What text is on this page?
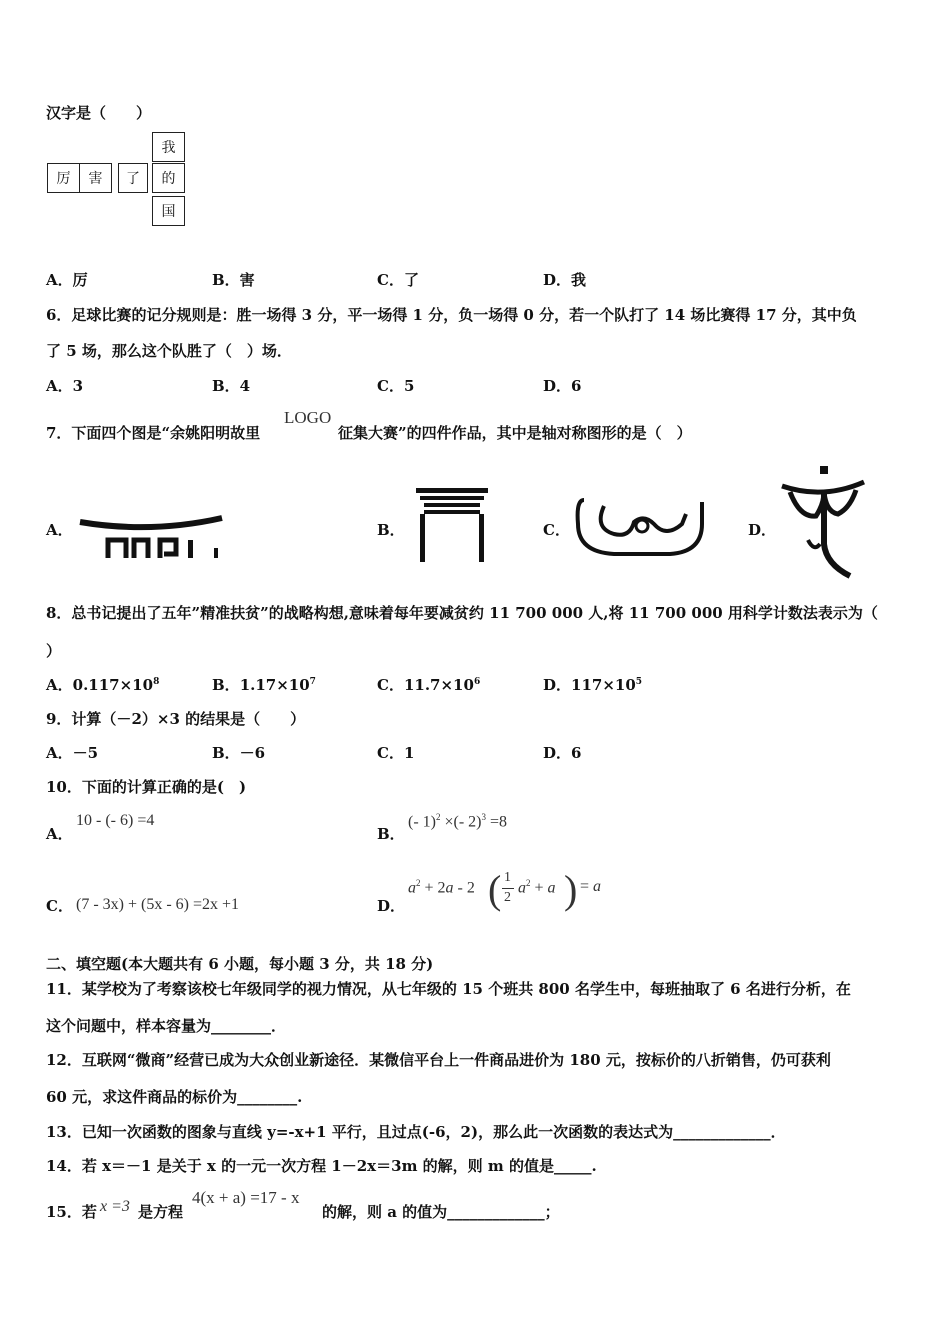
汉字是（　　）
厉	害	了
我
的
国
A．厉	B．害	C．了	D．我
6．足球比赛的记分规则是：胜一场得 3 分，平一场得 1 分，负一场得 0 分，若一个队打了 14 场比赛得 17 分，其中负
了 5 场，那么这个队胜了（　）场．
A．3	B．4	C．5	D．6
7．下面四个图是“余姚阳明故里
LOGO
征集大赛”的四件作品，其中是轴对称图形的是（　）
A．	B．	C．	D．
8．总书记提出了五年”精准扶贫”的战略构想,意味着每年要减贫约 11 700 000 人,将 11 700 000 用科学计数法表示为（
）
A．$0.117\times 10^8$	B．$1.17\times 10^7$	C．$11.7\times 10^6$	D．$117\times 10^5$
9．计算（－2）×3 的结果是（　　）
A．－5	B．－6	C．1	D．6
10．下面的计算正确的是(　)
A．
10 - (- 6) =4
B．
(- 1)$^2$ ×(- 2)$^3$ =8
C． (7 - 3x) + (5x - 6) =2x +1	D．
$a^2 + 2a - 2$ ( 1
2
$a^2 + a$ ) = a
二、填空题(本大题共有 6 小题，每小题 3 分，共 18 分)
11．某学校为了考察该校七年级同学的视力情况，从七年级的 15 个班共 800 名学生中，每班抽取了 6 名进行分析，在
这个问题中，样本容量为________．
12．互联网“微商”经营已成为大众创业新途径．某微信平台上一件商品进价为 180 元，按标价的八折销售，仍可获利
60 元，求这件商品的标价为________.
13．已知一次函数的图象与直线 y=-x+1 平行，且过点(-6，2)，那么此一次函数的表达式为_____________．
14．若 x＝－1 是关于 x 的一元一次方程 1－2x＝3m 的解，则 m 的值是_____.
15．若 x =3 是方程
4(x + a) =17 - x
的解，则 a 的值为_____________；
